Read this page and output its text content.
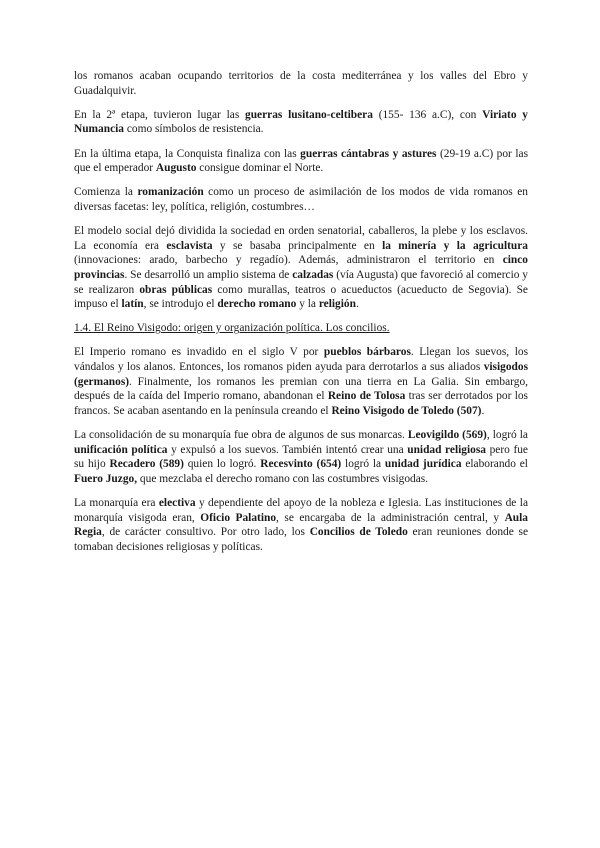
los romanos acaban ocupando territorios de la costa mediterránea y los valles del Ebro y Guadalquivir.

En la 2ª etapa, tuvieron lugar las guerras lusitano-celtibera (155- 136 a.C), con Viriato y Numancia como símbolos de resistencia.

En la última etapa, la Conquista finaliza con las guerras cántabras y astures (29-19 a.C) por las que el emperador Augusto consigue dominar el Norte.

Comienza la romanización como un proceso de asimilación de los modos de vida romanos en diversas facetas: ley, política, religión, costumbres…

El modelo social dejó dividida la sociedad en orden senatorial, caballeros, la plebe y los esclavos. La economía era esclavista y se basaba principalmente en la minería y la agricultura (innovaciones: arado, barbecho y regadío). Además, administraron el territorio en cinco provincias. Se desarrolló un amplio sistema de calzadas (vía Augusta) que favoreció al comercio y se realizaron obras públicas como murallas, teatros o acueductos (acueducto de Segovia). Se impuso el latín, se introdujo el derecho romano y la religión.

1.4. El Reino Visigodo: origen y organización política. Los concilios.

El Imperio romano es invadido en el siglo V por pueblos bárbaros. Llegan los suevos, los vándalos y los alanos. Entonces, los romanos piden ayuda para derrotarlos a sus aliados visigodos (germanos). Finalmente, los romanos les premian con una tierra en La Galia. Sin embargo, después de la caída del Imperio romano, abandonan el Reino de Tolosa tras ser derrotados por los francos. Se acaban asentando en la península creando el Reino Visigodo de Toledo (507).

La consolidación de su monarquía fue obra de algunos de sus monarcas. Leovigildo (569), logró la unificación política y expulsó a los suevos. También intentó crear una unidad religiosa pero fue su hijo Recadero (589) quien lo logró. Recesvinto (654) logró la unidad jurídica elaborando el Fuero Juzgo, que mezclaba el derecho romano con las costumbres visigodas.

La monarquía era electiva y dependiente del apoyo de la nobleza e Iglesia. Las instituciones de la monarquía visigoda eran, Oficio Palatino, se encargaba de la administración central, y Aula Regia, de carácter consultivo. Por otro lado, los Concilios de Toledo eran reuniones donde se tomaban decisiones religiosas y políticas.
